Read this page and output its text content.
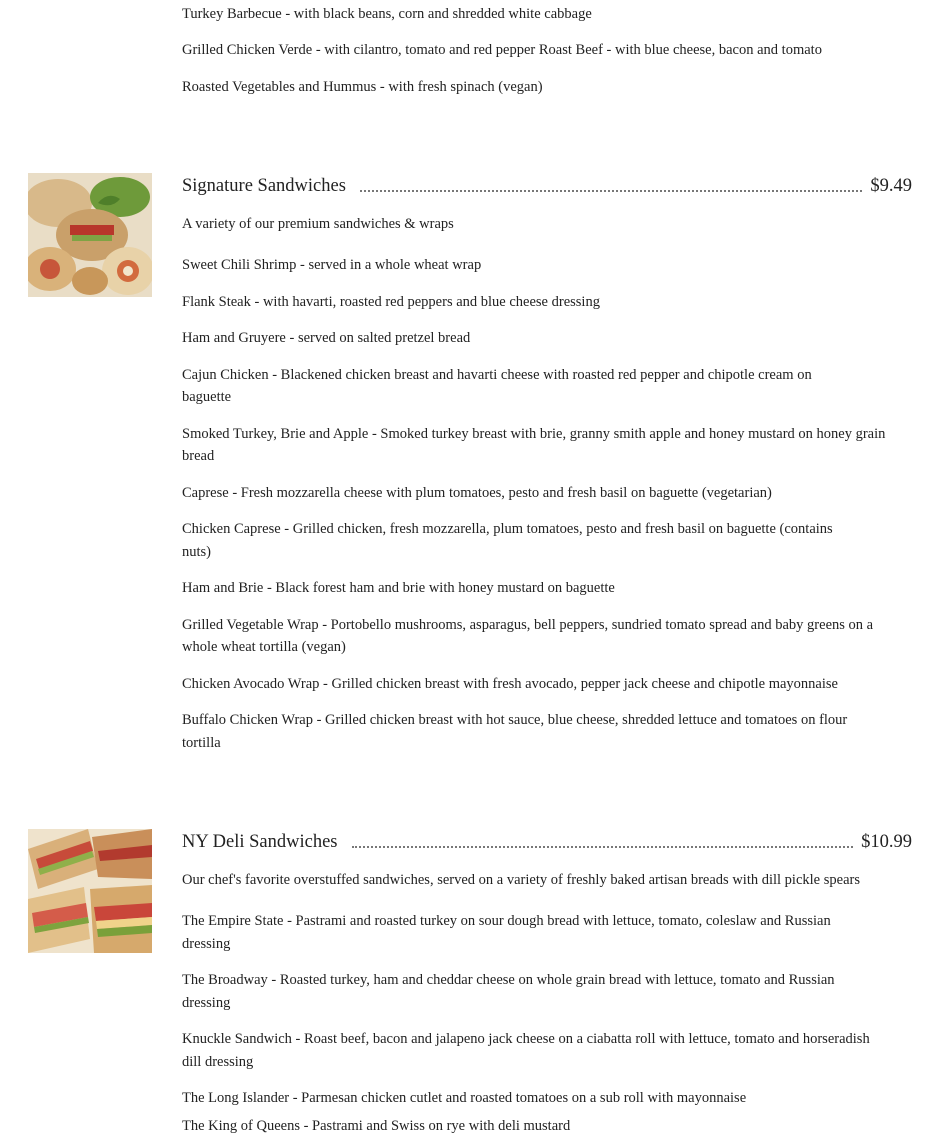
Turkey Barbecue - with black beans, corn and shredded white cabbage

Grilled Chicken Verde - with cilantro, tomato and red pepper Roast Beef - with blue cheese, bacon and tomato

Roasted Vegetables and Hummus - with fresh spinach (vegan)

Signature Sandwiches	$9.49

A variety of our premium sandwiches & wraps

Sweet Chili Shrimp - served in a whole wheat wrap

Flank Steak - with havarti, roasted red peppers and blue cheese dressing

Ham and Gruyere - served on salted pretzel bread

Cajun Chicken - Blackened chicken breast and havarti cheese with roasted red pepper and chipotle cream on

baguette

Smoked Turkey, Brie and Apple - Smoked turkey breast with brie, granny smith apple and honey mustard on honey grain

bread

Caprese - Fresh mozzarella cheese with plum tomatoes, pesto and fresh basil on baguette (vegetarian)

Chicken Caprese - Grilled chicken, fresh mozzarella, plum tomatoes, pesto and fresh basil on baguette (contains

nuts)

Ham and Brie - Black forest ham and brie with honey mustard on baguette

Grilled Vegetable Wrap - Portobello mushrooms, asparagus, bell peppers, sundried tomato spread and baby greens on a

whole wheat tortilla (vegan)

Chicken Avocado Wrap - Grilled chicken breast with fresh avocado, pepper jack cheese and chipotle mayonnaise

Buffalo Chicken Wrap - Grilled chicken breast with hot sauce, blue cheese, shredded lettuce and tomatoes on flour

tortilla

NY Deli Sandwiches	$10.99

Our chef's favorite overstuffed sandwiches, served on a variety of freshly baked artisan breads with dill pickle spears

The Empire State - Pastrami and roasted turkey on sour dough bread with lettuce, tomato, coleslaw and Russian

dressing

The Broadway - Roasted turkey, ham and cheddar cheese on whole grain bread with lettuce, tomato and Russian

dressing

Knuckle Sandwich - Roast beef, bacon and jalapeno jack cheese on a ciabatta roll with lettuce, tomato and horseradish

dill dressing

The Long Islander - Parmesan chicken cutlet and roasted tomatoes on a sub roll with mayonnaise

The King of Queens - Pastrami and Swiss on rye with deli mustard
